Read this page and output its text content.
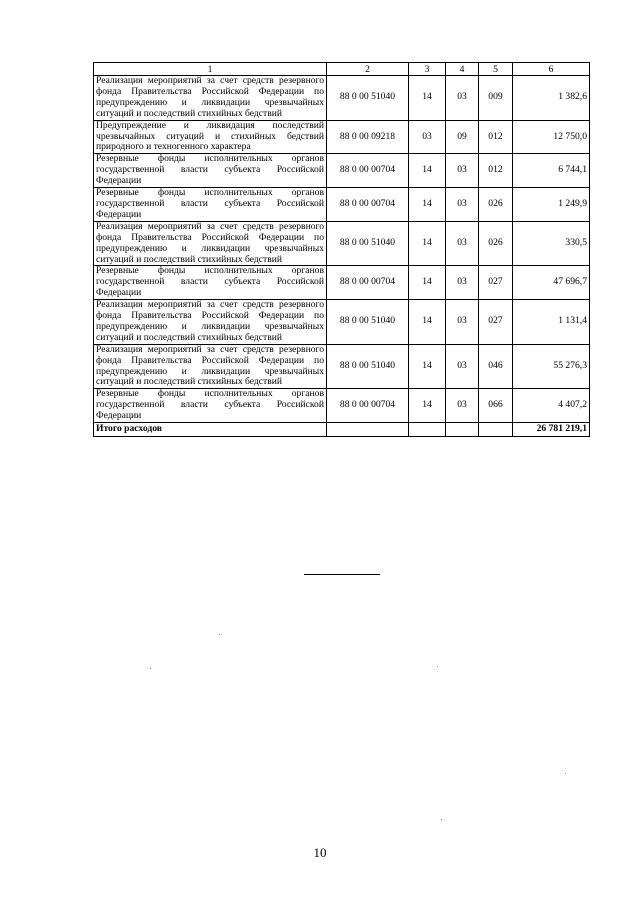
1	2	3	4	5	6
Реализация мероприятий за счет средств резервного фонда Правительства Российской Федерации по предупреждению и ликвидации чрезвычайных ситуаций и последствий стихийных бедствий	88 0 00 51040	14	03	009	1 382,6
Предупреждение и ликвидация последствий чрезвычайных ситуаций и стихийных бедствий природного и техногенного характера	88 0 00 09218	03	09	012	12 750,0
Резервные фонды исполнительных органов государственной власти субъекта Российской Федерации	88 0 00 00704	14	03	012	6 744,1
Резервные фонды исполнительных органов государственной власти субъекта Российской Федерации	88 0 00 00704	14	03	026	1 249,9
Реализация мероприятий за счет средств резервного фонда Правительства Российской Федерации по предупреждению и ликвидации чрезвычайных ситуаций и последствий стихийных бедствий	88 0 00 51040	14	03	026	330,5
Резервные фонды исполнительных органов государственной власти субъекта Российской Федерации	88 0 00 00704	14	03	027	47 696,7
Реализация мероприятий за счет средств резервного фонда Правительства Российской Федерации по предупреждению и ликвидации чрезвычайных ситуаций и последствий стихийных бедствий	88 0 00 51040	14	03	027	1 131,4
Реализация мероприятий за счет средств резервного фонда Правительства Российской Федерации по предупреждению и ликвидации чрезвычайных ситуаций и последствий стихийных бедствий	88 0 00 51040	14	03	046	55 276,3
Резервные фонды исполнительных органов государственной власти субъекта Российской Федерации	88 0 00 00704	14	03	066	4 407,2
Итого расходов					26 781 219,1
10
